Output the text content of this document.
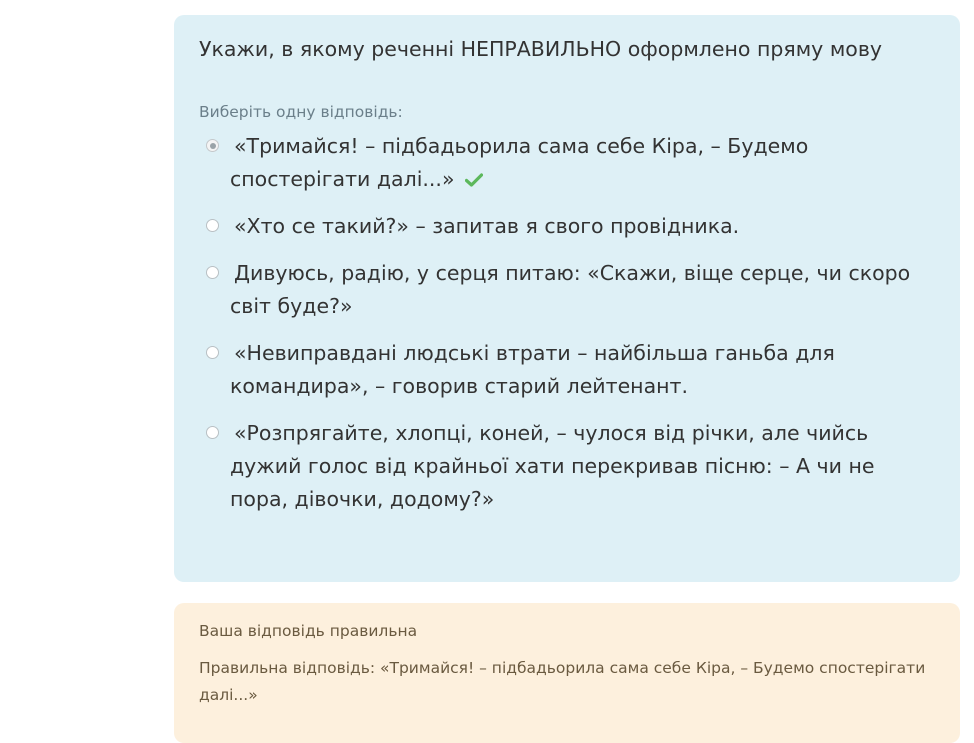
Укажи, в якому реченні НЕПРАВИЛЬНО оформлено пряму мову
Виберіть одну відповідь:
«Тримайся! – підбадьорила сама себе Кіра, – Будемо спостерігати далі...»
«Хто се такий?» – запитав я свого провідника.
Дивуюсь, радію, у серця питаю: «Скажи, віще серце, чи скоро світ буде?»
«Невиправдані людські втрати – найбільша ганьба для командира», – говорив старий лейтенант.
«Розпрягайте, хлопці, коней, – чулося від річки, але чийсь дужий голос від крайньої хати перекривав пісню: – А чи не пора, дівочки, додому?»
Ваша відповідь правильна
Правильна відповідь: «Тримайся! – підбадьорила сама себе Кіра, – Будемо спостерігати далі...»
